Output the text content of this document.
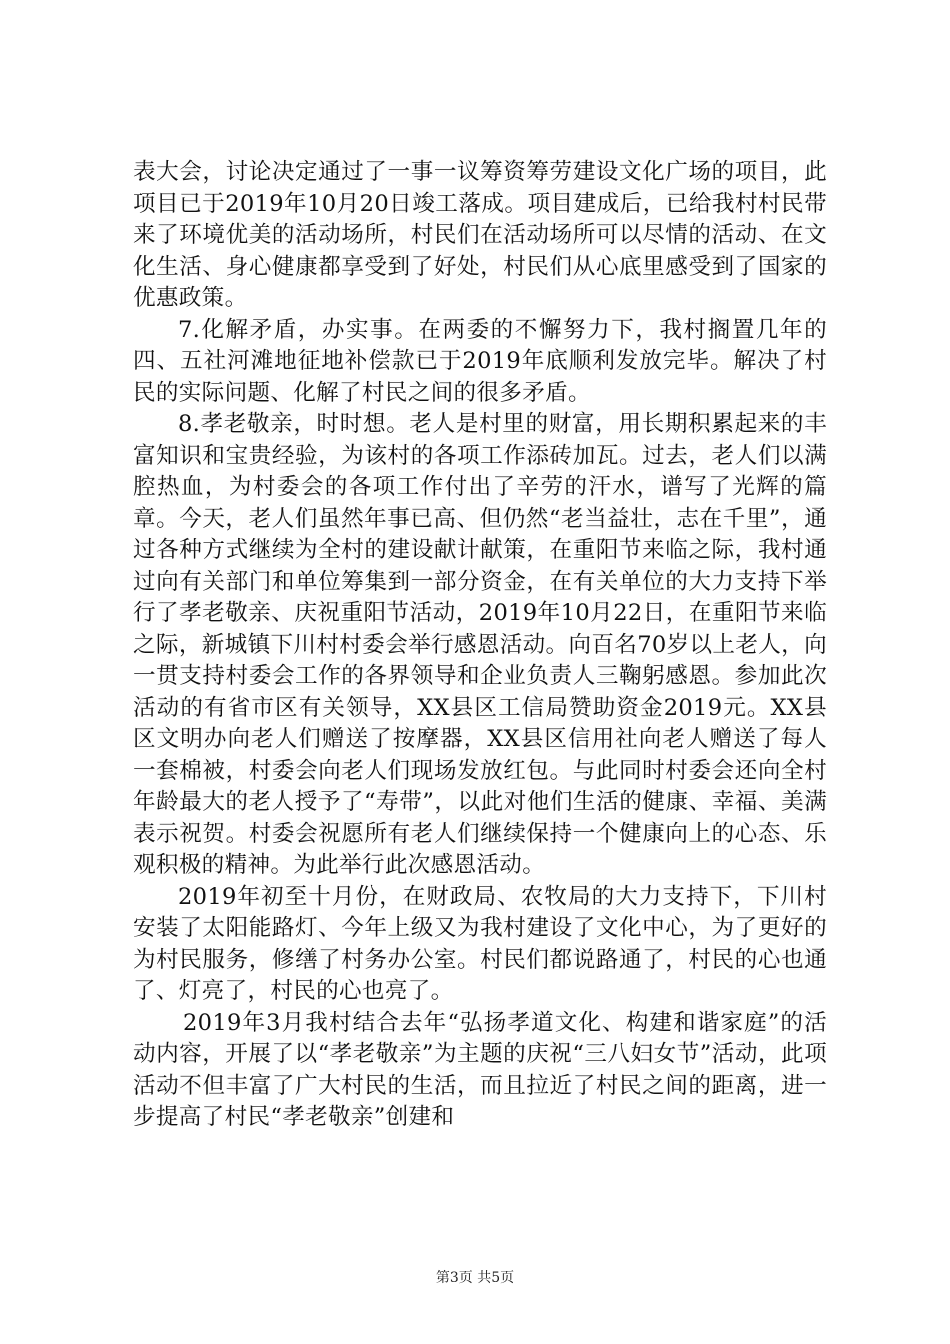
表大会，讨论决定通过了一事一议筹资筹劳建设文化广场的项目，此项目已于2019年10月20日竣工落成。项目建成后，已给我村村民带来了环境优美的活动场所，村民们在活动场所可以尽情的活动、在文化生活、身心健康都享受到了好处，村民们从心底里感受到了国家的优惠政策。

7.化解矛盾，办实事。在两委的不懈努力下，我村搁置几年的四、五社河滩地征地补偿款已于2019年底顺利发放完毕。解决了村民的实际问题、化解了村民之间的很多矛盾。

8.孝老敬亲，时时想。老人是村里的财富，用长期积累起来的丰富知识和宝贵经验，为该村的各项工作添砖加瓦。过去，老人们以满腔热血，为村委会的各项工作付出了辛劳的汗水，谱写了光辉的篇章。今天，老人们虽然年事已高、但仍然“老当益壮，志在千里”，通过各种方式继续为全村的建设献计献策，在重阳节来临之际，我村通过向有关部门和单位筹集到一部分资金，在有关单位的大力支持下举行了孝老敬亲、庆祝重阳节活动，2019年10月22日，在重阳节来临之际，新城镇下川村村委会举行感恩活动。向百名70岁以上老人，向一贯支持村委会工作的各界领导和企业负责人三鞠躬感恩。参加此次活动的有省市区有关领导，XX县区工信局赞助资金2019元。XX县区文明办向老人们赠送了按摩器，XX县区信用社向老人赠送了每人一套棉被，村委会向老人们现场发放红包。与此同时村委会还向全村年龄最大的老人授予了“寿带”，以此对他们生活的健康、幸福、美满表示祝贺。村委会祝愿所有老人们继续保持一个健康向上的心态、乐观积极的精神。为此举行此次感恩活动。

2019年初至十月份，在财政局、农牧局的大力支持下，下川村安装了太阳能路灯、今年上级又为我村建设了文化中心，为了更好的为村民服务，修缮了村务办公室。村民们都说路通了，村民的心也通了、灯亮了，村民的心也亮了。

2019年3月我村结合去年“弘扬孝道文化、构建和谐家庭”的活动内容，开展了以“孝老敬亲”为主题的庆祝“三八妇女节”活动，此项活动不但丰富了广大村民的生活，而且拉近了村民之间的距离，进一步提高了村民“孝老敬亲”创建和

第3页 共5页
